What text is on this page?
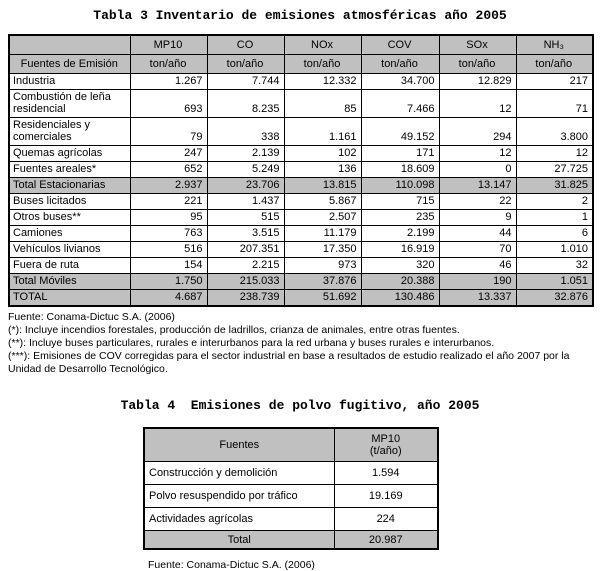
Tabla 3 Inventario de emisiones atmosféricas año 2005
	MP10	CO	NOx	COV	SOx	NH₃
Fuentes de Emisión	ton/año	ton/año	ton/año	ton/año	ton/año	ton/año
Industria	1.267	7.744	12.332	34.700	12.829	217
Combustión de leña residencial	693	8.235	85	7.466	12	71
Residenciales y comerciales	79	338	1.161	49.152	294	3.800
Quemas agrícolas	247	2.139	102	171	12	12
Fuentes areales*	652	5.249	136	18.609	0	27.725
Total Estacionarias	2.937	23.706	13.815	110.098	13.147	31.825
Buses licitados	221	1.437	5.867	715	22	2
Otros buses**	95	515	2.507	235	9	1
Camiones	763	3.515	11.179	2.199	44	6
Vehículos livianos	516	207.351	17.350	16.919	70	1.010
Fuera de ruta	154	2.215	973	320	46	32
Total Móviles	1.750	215.033	37.876	20.388	190	1.051
TOTAL	4.687	238.739	51.692	130.486	13.337	32.876
Fuente: Conama-Dictuc S.A. (2006)
(*): Incluye incendios forestales, producción de ladrillos, crianza de animales, entre otras fuentes.
(**): Incluye buses particulares, rurales e interurbanos para la red urbana y buses rurales e interurbanos.
(***): Emisiones de COV corregidas para el sector industrial en base a resultados de estudio realizado el año 2007 por la Unidad de Desarrollo Tecnológico.
Tabla 4  Emisiones de polvo fugitivo, año 2005
Fuentes	MP10
(t/año)

Construcción y demolición	1.594
Polvo resuspendido por tráfico	19.169
Actividades agrícolas	224
Total	20.987
Fuente: Conama-Dictuc S.A. (2006)
